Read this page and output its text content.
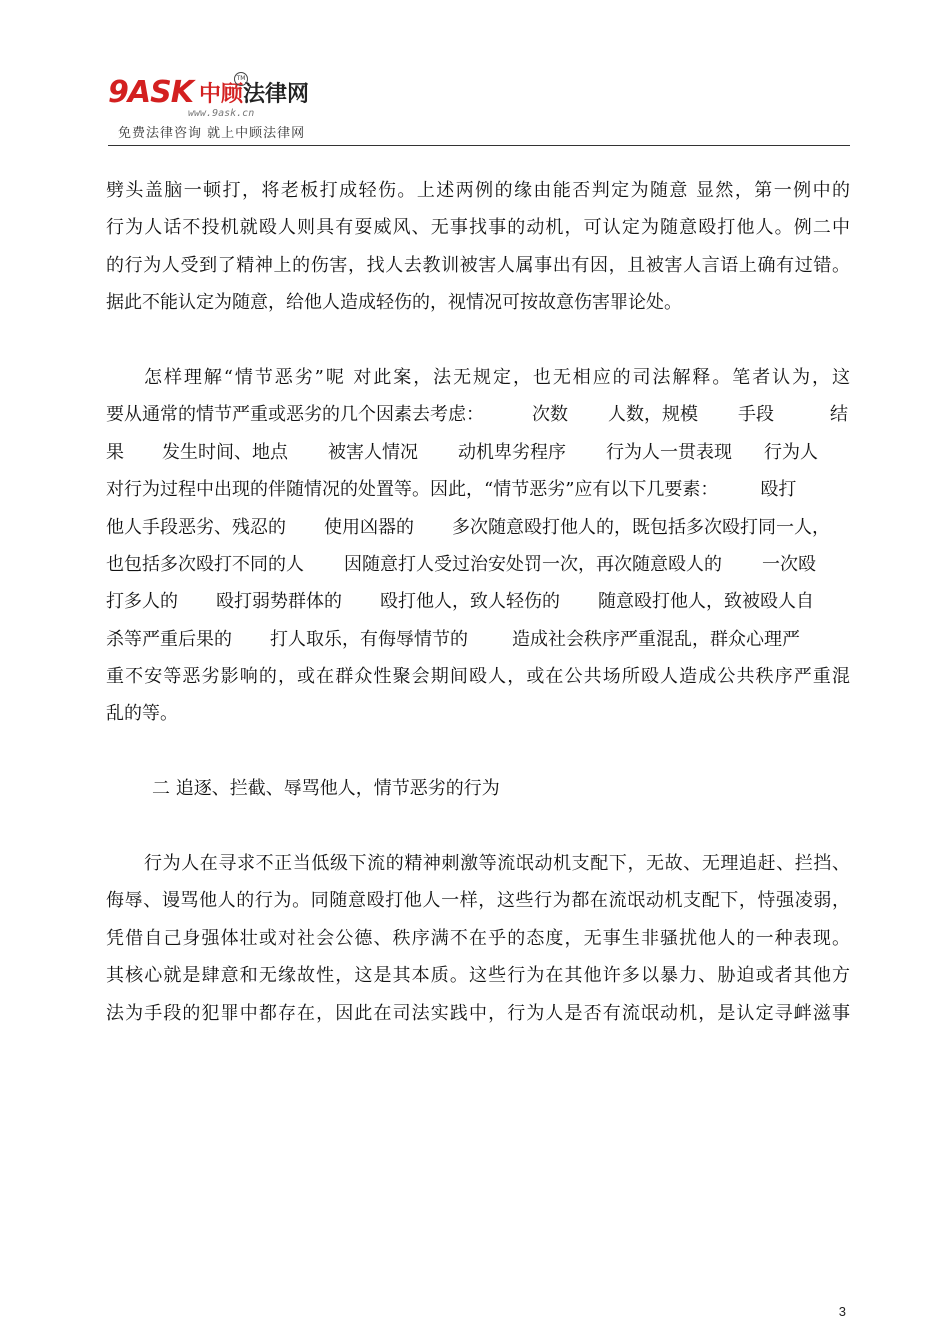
9ASK 中顾法律网
TM
www.9ask.cn
免费法律咨询 就上中顾法律网
劈头盖脑一顿打，将老板打成轻伤。上述两例的缘由能否判定为随意 显然，第一例中的
行为人话不投机就殴人则具有耍威风、无事找事的动机，可认定为随意殴打他人。例二中
的行为人受到了精神上的伤害，找人去教训被害人属事出有因，且被害人言语上确有过错。
据此不能认定为随意，给他人造成轻伤的，视情况可按故意伤害罪论处。
怎样理解“情节恶劣”呢 对此案，法无规定，也无相应的司法解释。笔者认为，这
要从通常的情节严重或恶劣的几个因素去考虑：	次数 人数，规模 手段	结
果 发生时间、地点 被害人情况 动机卑劣程序 行为人一贯表现 行为人
对行为过程中出现的伴随情况的处置等。因此，“情节恶劣”应有以下几要素： 殴打
他人手段恶劣、残忍的 使用凶器的 多次随意殴打他人的，既包括多次殴打同一人，
也包括多次殴打不同的人 因随意打人受过治安处罚一次，再次随意殴人的 一次殴
打多人的 殴打弱势群体的 殴打他人，致人轻伤的 随意殴打他人，致被殴人自
杀等严重后果的 打人取乐，有侮辱情节的 造成社会秩序严重混乱，群众心理严
重不安等恶劣影响的，或在群众性聚会期间殴人，或在公共场所殴人造成公共秩序严重混
乱的等。
二 追逐、拦截、辱骂他人，情节恶劣的行为
行为人在寻求不正当低级下流的精神刺激等流氓动机支配下，无故、无理追赶、拦挡、
侮辱、谩骂他人的行为。同随意殴打他人一样，这些行为都在流氓动机支配下，恃强凌弱，
凭借自己身强体壮或对社会公德、秩序满不在乎的态度，无事生非骚扰他人的一种表现。
其核心就是肆意和无缘故性，这是其本质。这些行为在其他许多以暴力、胁迫或者其他方
法为手段的犯罪中都存在，因此在司法实践中，行为人是否有流氓动机，是认定寻衅滋事
3
